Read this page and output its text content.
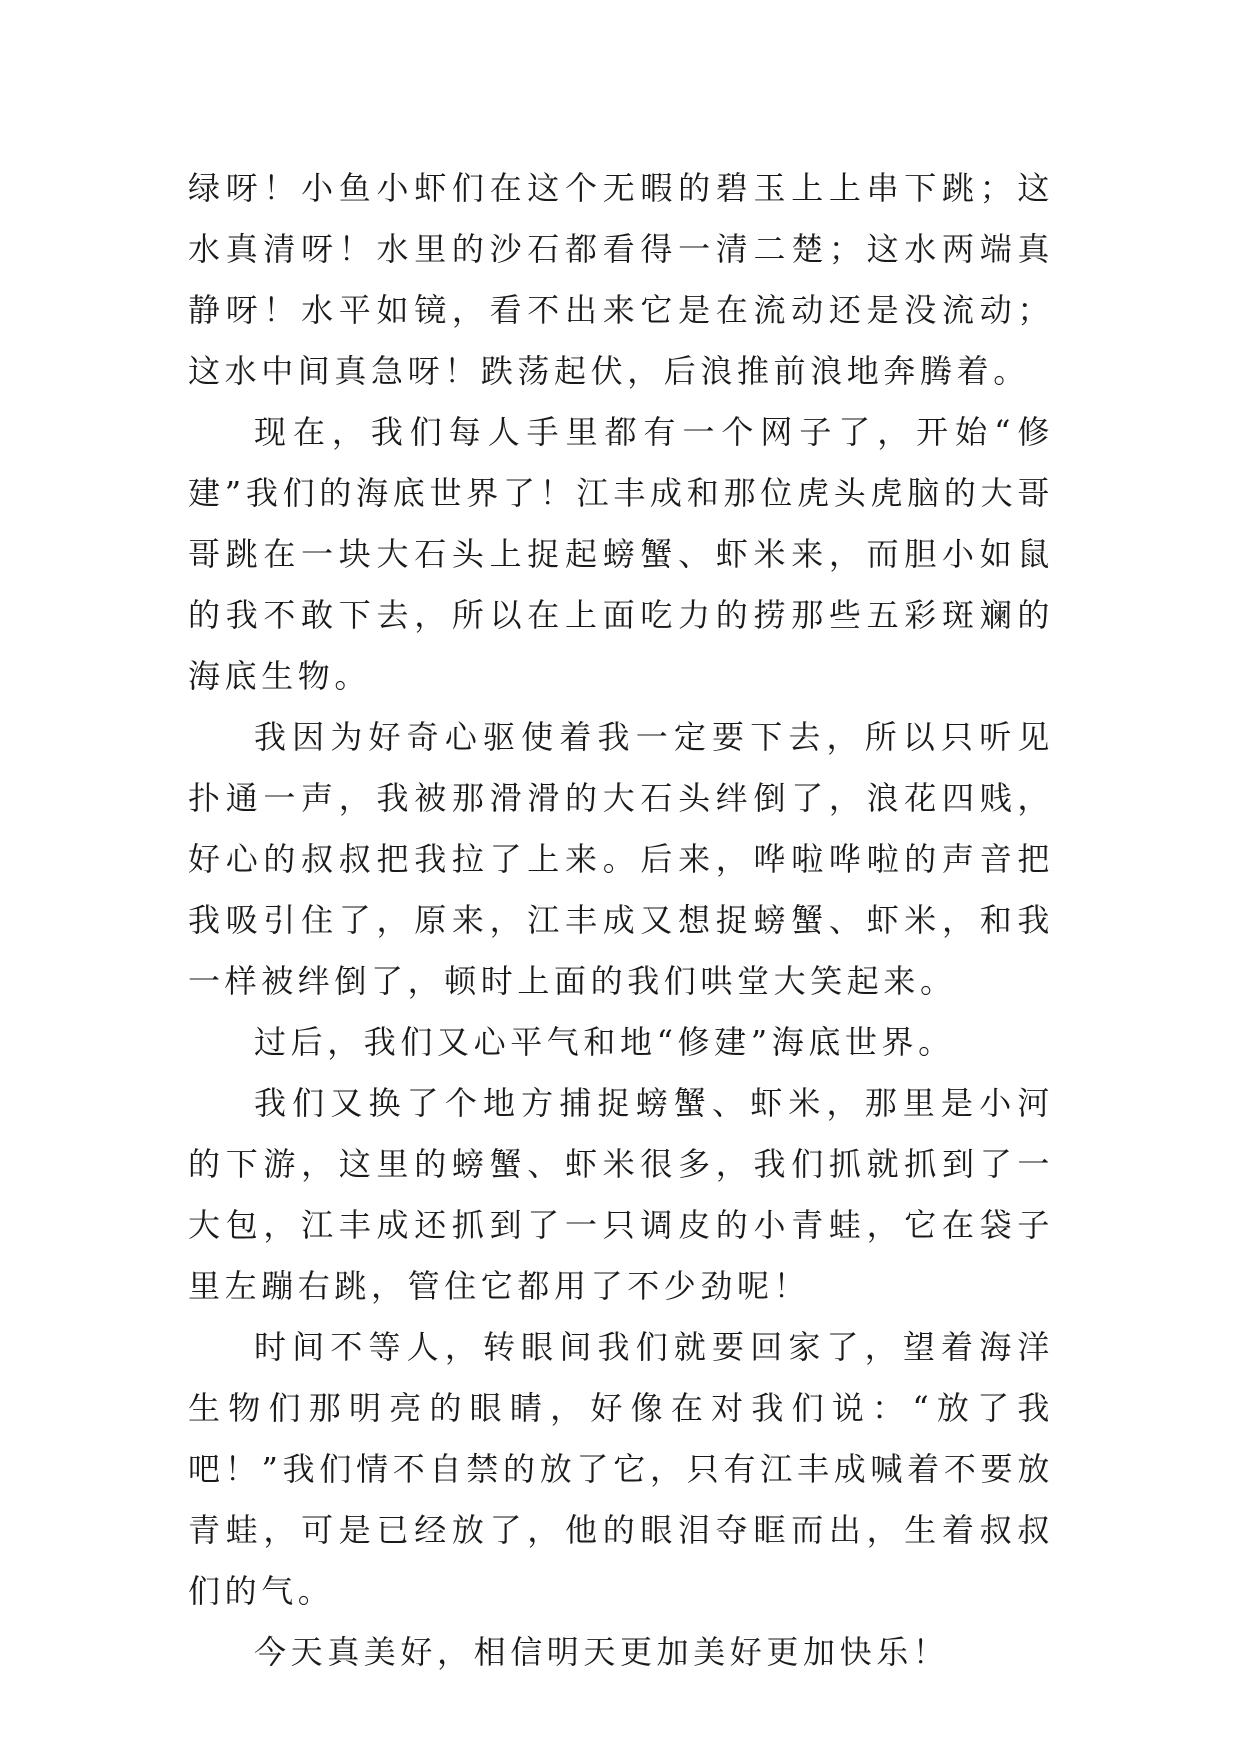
绿呀！小鱼小虾们在这个无暇的碧玉上上串下跳；这水真清呀！水里的沙石都看得一清二楚；这水两端真静呀！水平如镜，看不出来它是在流动还是没流动；这水中间真急呀！跌荡起伏，后浪推前浪地奔腾着。

现在，我们每人手里都有一个网子了，开始“修建”我们的海底世界了！江丰成和那位虎头虎脑的大哥哥跳在一块大石头上捉起螃蟹、虾米来，而胆小如鼠的我不敢下去，所以在上面吃力的捞那些五彩斑斓的海底生物。

我因为好奇心驱使着我一定要下去，所以只听见扑通一声，我被那滑滑的大石头绊倒了，浪花四贱，好心的叔叔把我拉了上来。后来，哗啦哗啦的声音把我吸引住了，原来，江丰成又想捉螃蟹、虾米，和我一样被绊倒了，顿时上面的我们哄堂大笑起来。

过后，我们又心平气和地“修建”海底世界。

我们又换了个地方捕捉螃蟹、虾米，那里是小河的下游，这里的螃蟹、虾米很多，我们抓就抓到了一大包，江丰成还抓到了一只调皮的小青蛙，它在袋子里左蹦右跳，管住它都用了不少劲呢！

时间不等人，转眼间我们就要回家了，望着海洋生物们那明亮的眼睛，好像在对我们说：“放了我吧！”我们情不自禁的放了它，只有江丰成喊着不要放青蛙，可是已经放了，他的眼泪夺眶而出，生着叔叔们的气。

今天真美好，相信明天更加美好更加快乐！
